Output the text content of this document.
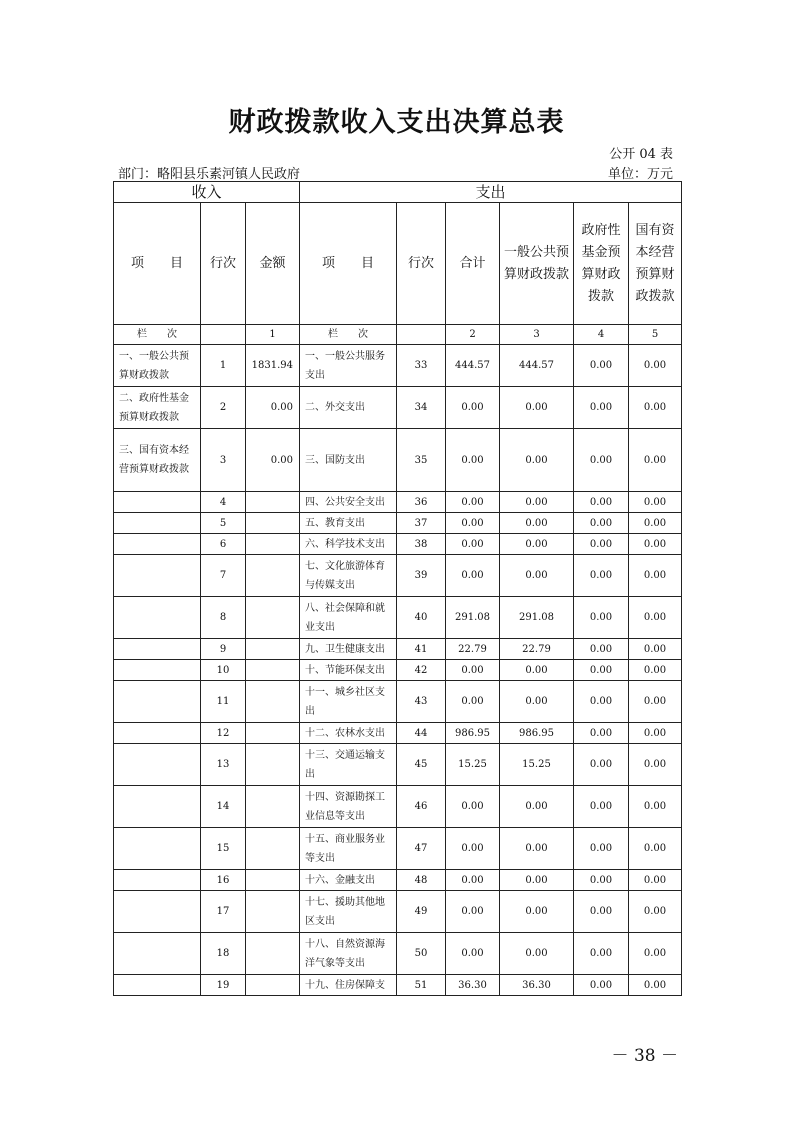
财政拨款收入支出决算总表
公开 04 表
部门：略阳县乐素河镇人民政府	单位：万元
收入			支出					
项　　目	行次	金额	项　　目	行次	合计	一般公共预算财政拨款	政府性基金预算财政拨款	国有资本经营预算财政拨款
栏　　次		1	栏　　次		2	3	4	5
一、一般公共预算财政拨款	1	1831.94	一、一般公共服务支出	33	444.57	444.57	0.00	0.00
二、政府性基金预算财政拨款	2	0.00	二、外交支出	34	0.00	0.00	0.00	0.00
三、国有资本经营预算财政拨款	3	0.00	三、国防支出	35	0.00	0.00	0.00	0.00
	4		四、公共安全支出	36	0.00	0.00	0.00	0.00
	5		五、教育支出	37	0.00	0.00	0.00	0.00
	6		六、科学技术支出	38	0.00	0.00	0.00	0.00
	7		七、文化旅游体育与传媒支出	39	0.00	0.00	0.00	0.00
	8		八、社会保障和就业支出	40	291.08	291.08	0.00	0.00
	9		九、卫生健康支出	41	22.79	22.79	0.00	0.00
	10		十、节能环保支出	42	0.00	0.00	0.00	0.00
	11		十一、城乡社区支出	43	0.00	0.00	0.00	0.00
	12		十二、农林水支出	44	986.95	986.95	0.00	0.00
	13		十三、交通运输支出	45	15.25	15.25	0.00	0.00
	14		十四、资源勘探工业信息等支出	46	0.00	0.00	0.00	0.00
	15		十五、商业服务业等支出	47	0.00	0.00	0.00	0.00
	16		十六、金融支出	48	0.00	0.00	0.00	0.00
	17		十七、援助其他地区支出	49	0.00	0.00	0.00	0.00
	18		十八、自然资源海洋气象等支出	50	0.00	0.00	0.00	0.00
	19		十九、住房保障支	51	36.30	36.30	0.00	0.00
－ 38 －
